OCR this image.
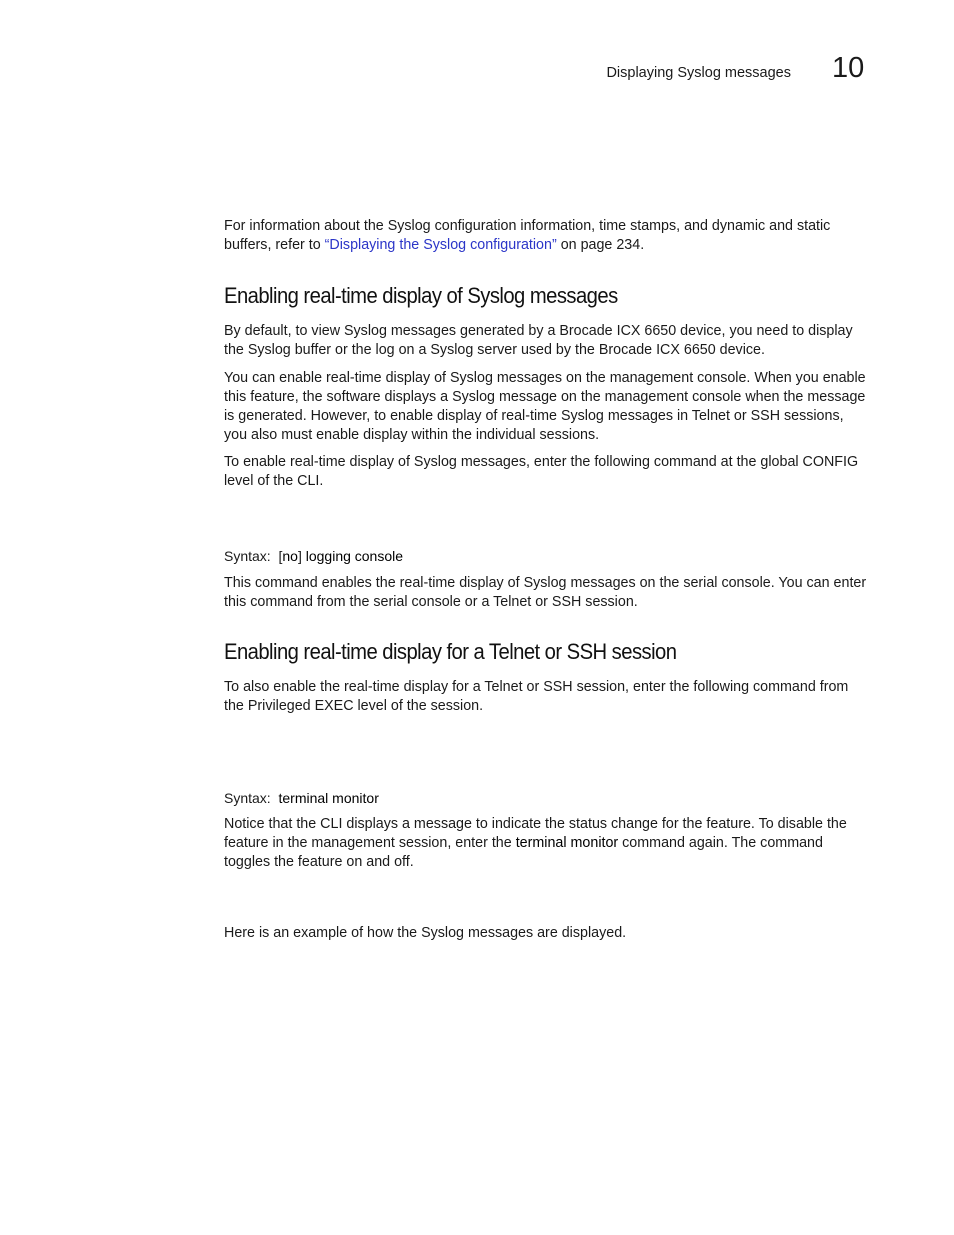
Displaying Syslog messages 10

For information about the Syslog configuration information, time stamps, and dynamic and static buffers, refer to “Displaying the Syslog configuration” on page 234.

Enabling real-time display of Syslog messages

By default, to view Syslog messages generated by a Brocade ICX 6650 device, you need to display the Syslog buffer or the log on a Syslog server used by the Brocade ICX 6650 device.

You can enable real-time display of Syslog messages on the management console. When you enable this feature, the software displays a Syslog message on the management console when the message is generated. However, to enable display of real-time Syslog messages in Telnet or SSH sessions, you also must enable display within the individual sessions.

To enable real-time display of Syslog messages, enter the following command at the global CONFIG level of the CLI.

Syntax: [no] logging console

This command enables the real-time display of Syslog messages on the serial console. You can enter this command from the serial console or a Telnet or SSH session.

Enabling real-time display for a Telnet or SSH session

To also enable the real-time display for a Telnet or SSH session, enter the following command from the Privileged EXEC level of the session.

Syntax: terminal monitor

Notice that the CLI displays a message to indicate the status change for the feature. To disable the feature in the management session, enter the terminal monitor command again. The command toggles the feature on and off.

Here is an example of how the Syslog messages are displayed.
